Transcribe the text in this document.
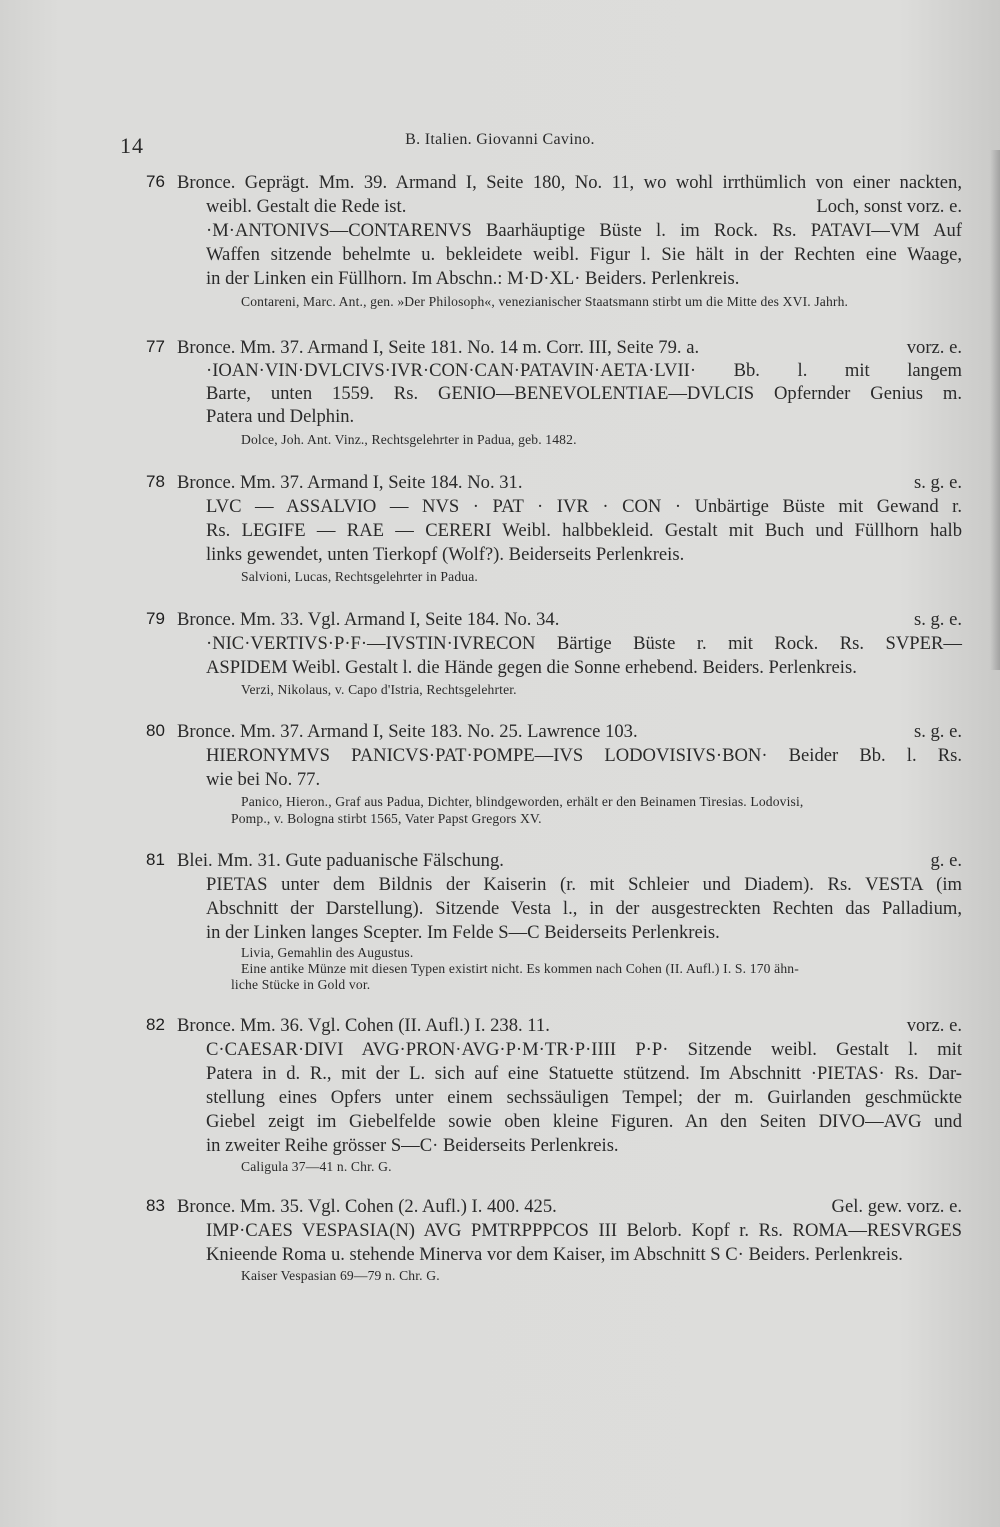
14	B. Italien. Giovanni Cavino.
76 Bronce. Geprägt. Mm. 39. Armand I, Seite 180, No. 11, wo wohl irrthümlich von einer nackten,
weibl. Gestalt die Rede ist.	Loch, sonst vorz. e.
·M·ANTONIVS—CONTARENVS Baarhäuptige Büste l. im Rock. Rs. PATAVI—VM Auf
Waffen sitzende behelmte u. bekleidete weibl. Figur l. Sie hält in der Rechten eine Waage,
in der Linken ein Füllhorn. Im Abschn.: M·D·XL· Beiders. Perlenkreis.
Contareni, Marc. Ant., gen. »Der Philosoph«, venezianischer Staatsmann stirbt um die Mitte des XVI. Jahrh.
77 Bronce. Mm. 37. Armand I, Seite 181. No. 14 m. Corr. III, Seite 79. a.	vorz. e.
·IOAN·VIN·DVLCIVS·IVR·CON·CAN·PATAVIN·AETA·LVII· Bb. l. mit langem
Barte, unten 1559. Rs. GENIO—BENEVOLENTIAE—DVLCIS Opfernder Genius m.
Patera und Delphin.
Dolce, Joh. Ant. Vinz., Rechtsgelehrter in Padua, geb. 1482.
78 Bronce. Mm. 37. Armand I, Seite 184. No. 31.	s. g. e.
LVC — ASSALVIO — NVS · PAT · IVR · CON · Unbärtige Büste mit Gewand r.
Rs. LEGIFE — RAE — CERERI Weibl. halbbekleid. Gestalt mit Buch und Füllhorn halb
links gewendet, unten Tierkopf (Wolf?). Beiderseits Perlenkreis.
Salvioni, Lucas, Rechtsgelehrter in Padua.
79 Bronce. Mm. 33. Vgl. Armand I, Seite 184. No. 34.	s. g. e.
·NIC·VERTIVS·P·F·—IVSTIN·IVRECON Bärtige Büste r. mit Rock. Rs. SVPER—
ASPIDEM Weibl. Gestalt l. die Hände gegen die Sonne erhebend. Beiders. Perlenkreis.
Verzi, Nikolaus, v. Capo d'Istria, Rechtsgelehrter.
80 Bronce. Mm. 37. Armand I, Seite 183. No. 25. Lawrence 103.	s. g. e.
HIERONYMVS PANICVS·PAT·POMPE—IVS LODOVISIVS·BON· Beider Bb. l. Rs.
wie bei No. 77.
Panico, Hieron., Graf aus Padua, Dichter, blindgeworden, erhält er den Beinamen Tiresias. Lodovisi,
Pomp., v. Bologna stirbt 1565, Vater Papst Gregors XV.
81 Blei. Mm. 31. Gute paduanische Fälschung.	g. e.
PIETAS unter dem Bildnis der Kaiserin (r. mit Schleier und Diadem). Rs. VESTA (im
Abschnitt der Darstellung). Sitzende Vesta l., in der ausgestreckten Rechten das Palladium,
in der Linken langes Scepter. Im Felde S—C Beiderseits Perlenkreis.
Livia, Gemahlin des Augustus.
Eine antike Münze mit diesen Typen existirt nicht. Es kommen nach Cohen (II. Aufl.) I. S. 170 ähn-
liche Stücke in Gold vor.
82 Bronce. Mm. 36. Vgl. Cohen (II. Aufl.) I. 238. 11.	vorz. e.
C·CAESAR·DIVI AVG·PRON·AVG·P·M·TR·P·IIII P·P· Sitzende weibl. Gestalt l. mit
Patera in d. R., mit der L. sich auf eine Statuette stützend. Im Abschnitt ·PIETAS· Rs. Dar-
stellung eines Opfers unter einem sechssäuligen Tempel; der m. Guirlanden geschmückte
Giebel zeigt im Giebelfelde sowie oben kleine Figuren. An den Seiten DIVO—AVG und
in zweiter Reihe grösser S—C· Beiderseits Perlenkreis.
Caligula 37—41 n. Chr. G.
83 Bronce. Mm. 35. Vgl. Cohen (2. Aufl.) I. 400. 425.	Gel. gew. vorz. e.
IMP·CAES VESPASIA(N) AVG PMTRPPPCOS III Belorb. Kopf r. Rs. ROMA—RESVRGES
Knieende Roma u. stehende Minerva vor dem Kaiser, im Abschnitt S C· Beiders. Perlenkreis.
Kaiser Vespasian 69—79 n. Chr. G.
